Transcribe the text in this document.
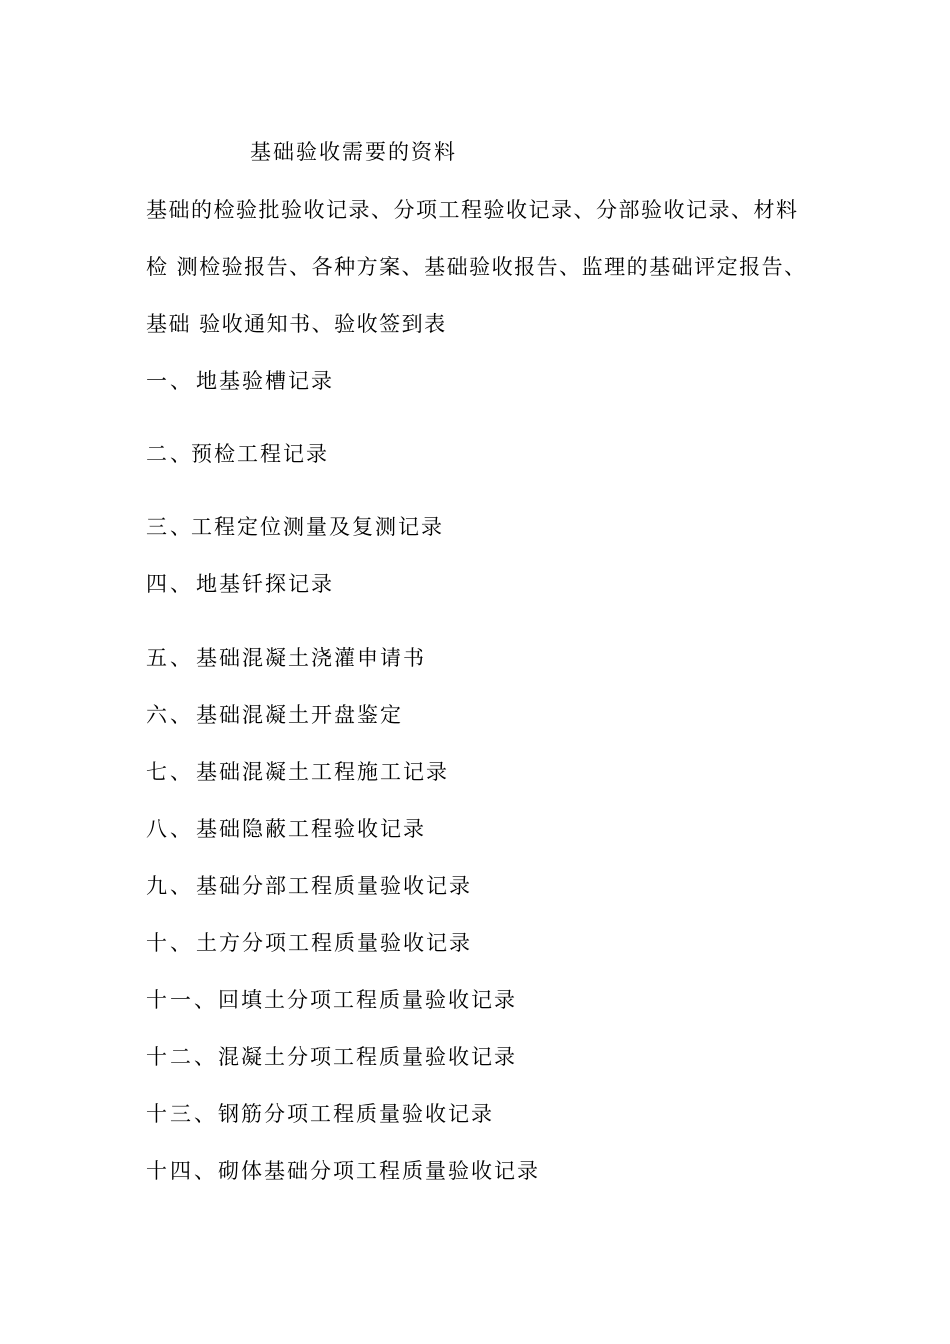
基础验收需要的资料
基础的检验批验收记录、分项工程验收记录、分部验收记录、材料
检 测检验报告、各种方案、基础验收报告、监理的基础评定报告、
基础 验收通知书、验收签到表
一、 地基验槽记录
二、
预检工程记录
三、
工程定位测量及复测记录
四、 地基钎探记录
五、 基础混凝土浇灌申请书
六、 基础混凝土开盘鉴定
七、 基础混凝土工程施工记录
八、 基础隐蔽工程验收记录
九、 基础分部工程质量验收记录
十、 土方分项工程质量验收记录
十一、 回填土分项工程质量验收记录
十二、 混凝土分项工程质量验收记录
十三、 钢筋分项工程质量验收记录
十四、 砌体基础分项工程质量验收记录
